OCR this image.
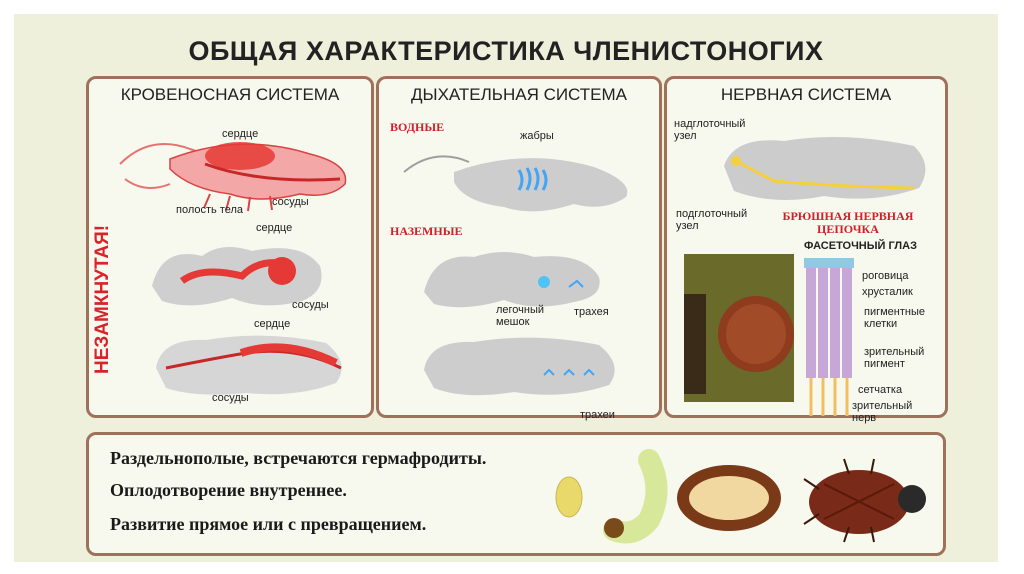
ОБЩАЯ ХАРАКТЕРИСТИКА ЧЛЕНИСТОНОГИХ
КРОВЕНОСНАЯ СИСТЕМА
НЕЗАМКНУТАЯ!
сердце
полость тела
сосуды
сердце
сосуды
сердце
сосуды
ДЫХАТЕЛЬНАЯ СИСТЕМА
ВОДНЫЕ
жабры
НАЗЕМНЫЕ
легочный мешок
трахея
трахеи
НЕРВНАЯ СИСТЕМА
надглоточный узел
подглоточный узел
БРЮШНАЯ НЕРВНАЯ ЦЕПОЧКА
ФАСЕТОЧНЫЙ ГЛАЗ
роговица
хрусталик
пигментные клетки
зрительный пигмент
сетчатка
зрительный нерв
Раздельнополые, встречаются гермафродиты.
Оплодотворение внутреннее.
Развитие прямое или с превращением.
